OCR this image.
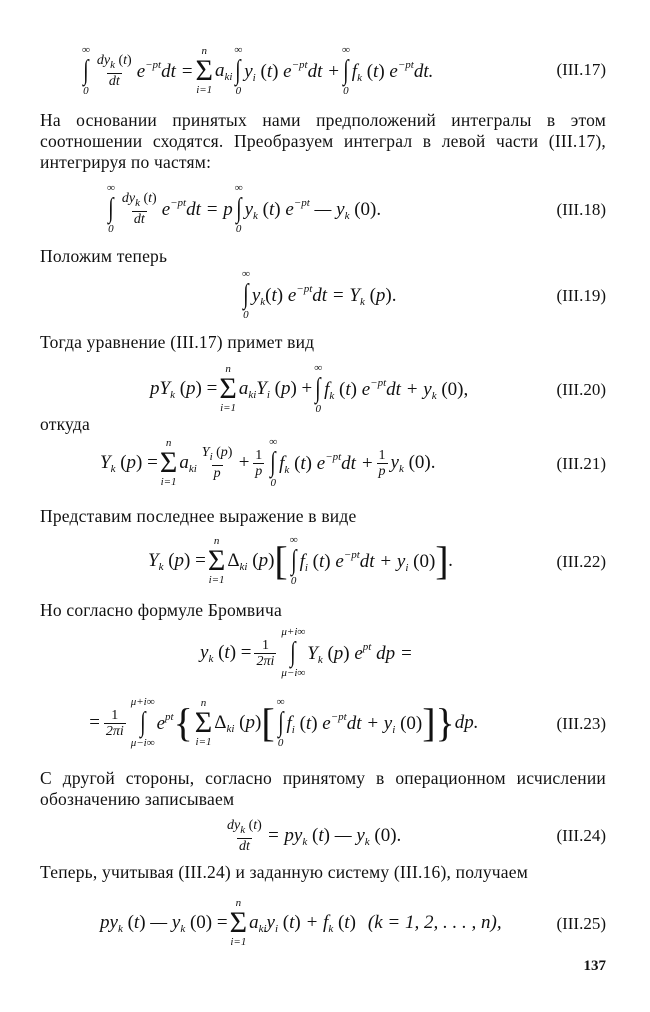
∞
∫
0
$\frac{dy_k (t)}{dt} e^{-pt}dt$ =
n
Σ
i=1
$a_{ki}$
∞
∫
0
$y_i$ (t) $e^{-pt}dt$ +
∞
∫
0
$f_k$ (t) $e^{-pt}dt$.	(III.17)
На основании принятых нами предположений интегралы в этом соотношении сходятся. Преобразуем интеграл в левой части (III.17), интегрируя по частям:
∞
∫
0
$\frac{dy_k (t)}{dt} e^{-pt}dt = p$
∞
∫
0
$y_k$ (t) $e^{-pt}$ — $y_k$ (0).	(III.18)
Положим теперь
∞
∫
0
$y_k(t) e^{-pt}dt = Y_k$ (p).	(III.19)
Тогда уравнение (III.17) примет вид
$pY_k$ (p) =
n
Σ
i=1
$a_{ki}Y_i$ (p) +
∞
∫
0
$f_k$ (t) $e^{-pt}dt + y_k$ (0),	(III.20)
откуда
$Y_k$ (p) =
n
Σ
i=1
$a_{ki} \frac{Y_i (p)}{p} + \frac{1}{p}$
∞
∫
0
$f_k$ (t) $e^{-pt}dt + \frac{1}{p} y_k$ (0).	(III.21)
Представим последнее выражение в виде
$Y_k$ (p) =
n
Σ
i=1
$\Delta_{ki}$ (p) [ ∞
∫
0
$f_i$ (t) $e^{-pt}dt + y_i$ (0) ] .	(III.22)
Но согласно формуле Бромвича
$y_k$ $(t) = \frac{1}{2\pi i}$
μ+i∞
∫
μ−i∞
$Y_k$ (p) $e^{pt}$ dp =
= $\frac{1}{2\pi i}$
μ+i∞
∫
μ−i∞
$e^{pt}$ { n
Σ
i=1
$\Delta_{ki}$ (p) [ ∞
∫
0
$f_i$ (t) $e^{-pt}dt + y_i$ (0) ] } dp.	(III.23)
С другой стороны, согласно принятому в операционном исчислении обозначению записываем
$\frac{dy_k (t)}{dt} = py_k$ (t) — $y_k$ (0).	(III.24)
Теперь, учитывая (III.24) и заданную систему (III.16), получаем
$py_k$ (t) — $y_k$ (0) =
n
Σ
i=1
$a_{ki}y_i$ $(t) + f_k$ (t) (k = 1, 2, . . . , n),	(III.25)
137
